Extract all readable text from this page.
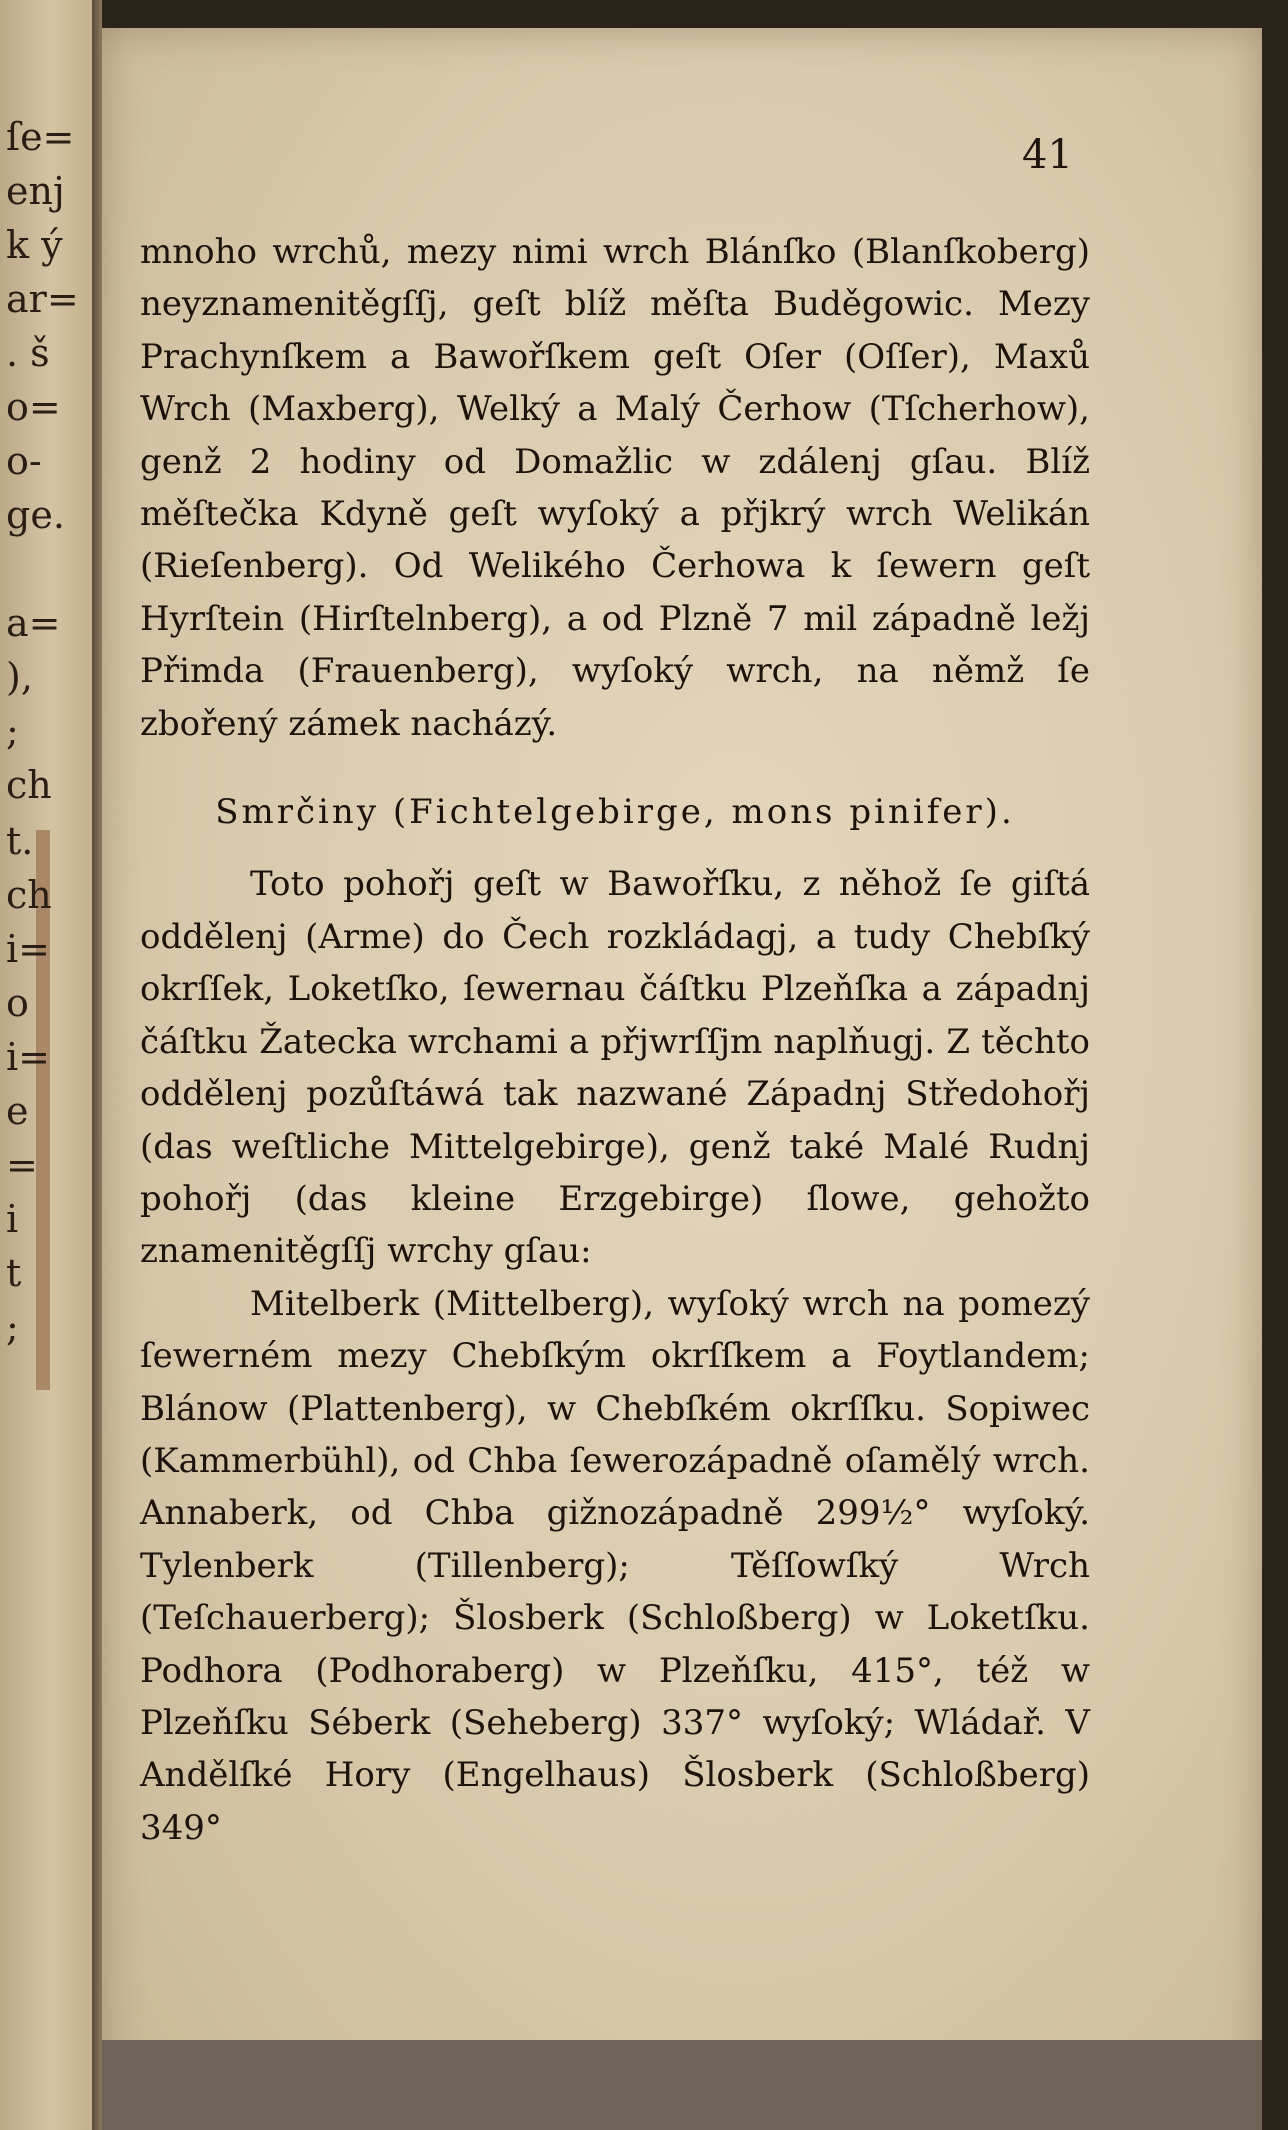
ſe=
enj
k ý
ar=
. š
o=
o-
ge.
a=
),
;
ch
t.
ch
i=
o
i=
e
=
i
t
;
41

mnoho wrchů, mezy nimi wrch Blánſko (Blanſkoberg) neyznamenitěgſſj, geſt blíž měſta Buděgowic. Mezy Prachynſkem a Bawořſkem geſt Oſer (Oſſer), Maxů Wrch (Maxberg), Welký a Malý Čerhow (Tſcherhow), genž 2 hodiny od Domažlic w zdálenj gſau. Blíž měſtečka Kdyně geſt wyſoký a přjkrý wrch Welikán (Rieſenberg). Od Welikého Čerhowa k ſewern geſt Hyrſtein (Hirſtelnberg), a od Plzně 7 mil západně ležj Přimda (Frauenberg), wyſoký wrch, na němž ſe zbořený zámek nacházý.

Smrčiny (Fichtelgebirge, mons pinifer).

Toto pohořj geſt w Bawořſku, z něhož ſe giſtá oddělenj (Arme) do Čech rozkládagj, a tudy Chebſký okrſſek, Loketſko, ſewernau čáſtku Plzeňſka a západnj čáſtku Žatecka wrchami a přjwrſſjm naplňugj. Z těchto oddělenj pozůſtáwá tak nazwané Západnj Středohořj (das weſtliche Mittelgebirge), genž také Malé Rudnj pohořj (das kleine Erzgebirge) ſlowe, gehožto znamenitěgſſj wrchy gſau:

Mitelberk (Mittelberg), wyſoký wrch na pomezý ſewerném mezy Chebſkým okrſſkem a Foytlandem; Blánow (Plattenberg), w Chebſkém okrſſku. Sopiwec (Kammerbühl), od Chba ſewerozápadně oſamělý wrch. Annaberk, od Chba gižnozápadně 299½° wyſoký. Tylenberk (Tillenberg); Těſſowſký Wrch (Teſchauerberg); Šlosberk (Schloßberg) w Loketſku. Podhora (Podhoraberg) w Plzeňſku, 415°, též w Plzeňſku Séberk (Seheberg) 337° wyſoký; Wládař. V Andělſké Hory (Engelhaus) Šlosberk (Schloßberg) 349°
